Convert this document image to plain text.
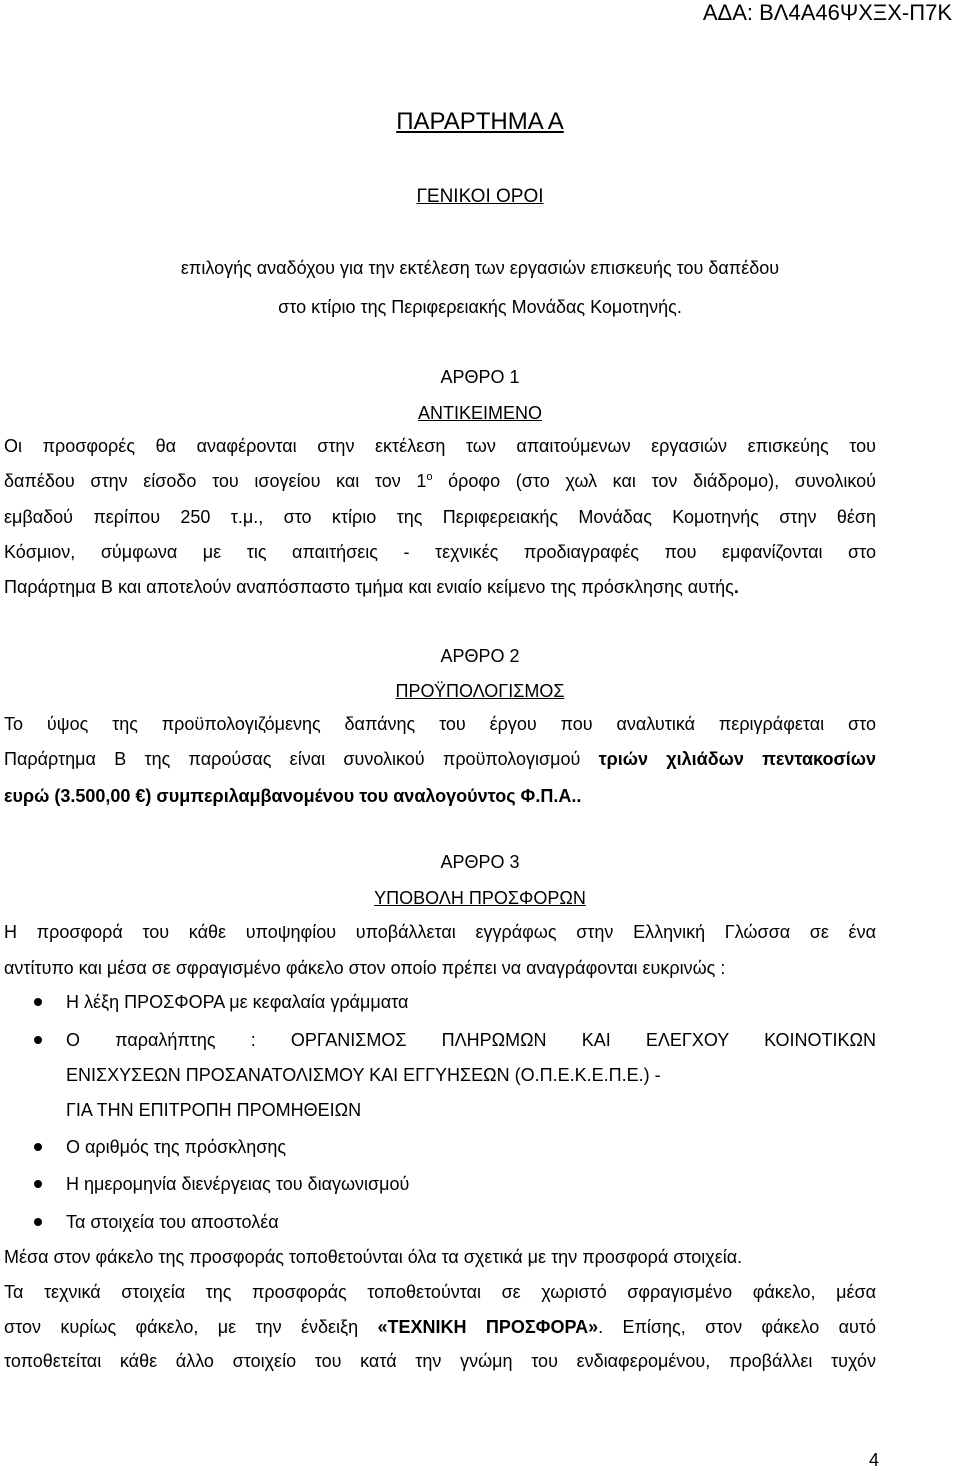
ΑΔΑ: ΒΛ4Α46ΨΧΞΧ-Π7Κ
ΠΑΡΑΡΤΗΜΑ Α
ΓΕΝΙΚΟΙ ΟΡΟΙ
επιλογής αναδόχου για την εκτέλεση των εργασιών επισκευής του δαπέδου
στο κτίριο της Περιφερειακής Μονάδας Κομοτηνής.
ΑΡΘΡΟ 1
ΑΝΤΙΚΕΙΜΕΝΟ
Οι προσφορές θα αναφέρονται στην εκτέλεση των απαιτούμενων εργασιών επισκεύης του
δαπέδου στην είσοδο του ισογείου και τον $1^o$ όροφο (στο χωλ και τον διάδρομο), συνολικού
εμβαδού περίπου 250 τ.μ., στο κτίριο της Περιφερειακής Μονάδας Κομοτηνής στην θέση
Κόσμιον, σύμφωνα με τις απαιτήσεις - τεχνικές προδιαγραφές που εμφανίζονται στο
Παράρτημα Β και αποτελούν αναπόσπαστο τμήμα και ενιαίο κείμενο της πρόσκλησης αυτής.
ΑΡΘΡΟ 2
ΠΡΟΫΠΟΛΟΓΙΣΜΟΣ
Το ύψος της προϋπολογιζόμενης δαπάνης του έργου που αναλυτικά περιγράφεται στο
Παράρτημα Β της παρούσας είναι συνολικού προϋπολογισμού τριών χιλιάδων πεντακοσίων
ευρώ (3.500,00 €) συμπεριλαμβανομένου του αναλογούντος Φ.Π.Α..
ΑΡΘΡΟ 3
ΥΠΟΒΟΛΗ ΠΡΟΣΦΟΡΩΝ
Η προσφορά του κάθε υποψηφίου υποβάλλεται εγγράφως στην Ελληνική Γλώσσα σε ένα
αντίτυπο και μέσα σε σφραγισμένο φάκελο στον οποίο πρέπει να αναγράφονται ευκρινώς :
Η λέξη ΠΡΟΣΦΟΡΑ με κεφαλαία γράμματα
Ο παραλήπτης : ΟΡΓΑΝΙΣΜΟΣ ΠΛΗΡΩΜΩΝ ΚΑΙ ΕΛΕΓΧΟΥ ΚΟΙΝΟΤΙΚΩΝ
ΕΝΙΣΧΥΣΕΩΝ ΠΡΟΣΑΝΑΤΟΛΙΣΜΟΥ ΚΑΙ ΕΓΓΥΗΣΕΩΝ (Ο.Π.Ε.Κ.Ε.Π.Ε.) -
ΓΙΑ ΤΗΝ ΕΠΙΤΡΟΠΗ ΠΡΟΜΗΘΕΙΩΝ
Ο αριθμός της πρόσκλησης
Η ημερομηνία διενέργειας του διαγωνισμού
Τα στοιχεία του αποστολέα
Μέσα στον φάκελο της προσφοράς τοποθετούνται όλα τα σχετικά με την προσφορά στοιχεία.
Τα τεχνικά στοιχεία της προσφοράς τοποθετούνται σε χωριστό σφραγισμένο φάκελο, μέσα
στον κυρίως φάκελο, με την ένδειξη «ΤΕΧΝΙΚΗ ΠΡΟΣΦΟΡΑ». Επίσης, στον φάκελο αυτό
τοποθετείται κάθε άλλο στοιχείο του κατά την γνώμη του ενδιαφερομένου, προβάλλει τυχόν
4
